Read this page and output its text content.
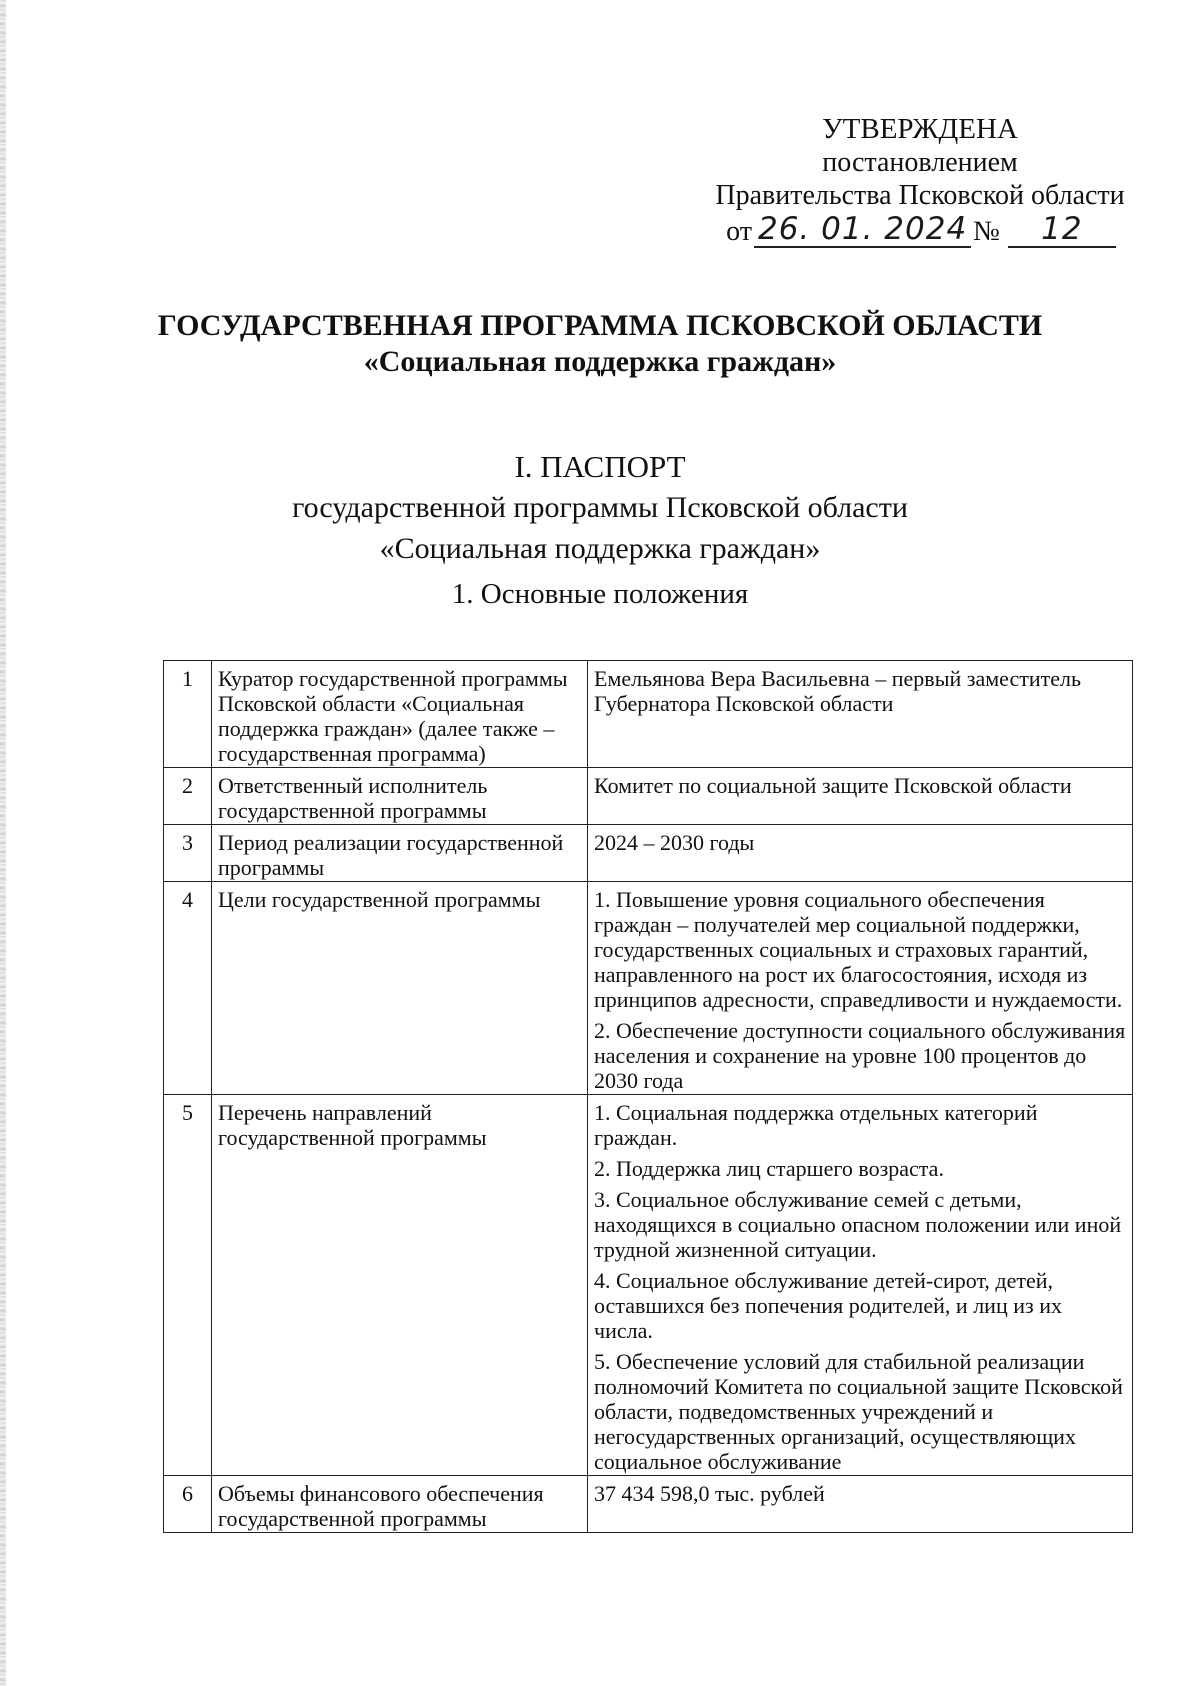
УТВЕРЖДЕНА
постановлением
Правительства Псковской области
от 26. 01. 2024 №	12
ГОСУДАРСТВЕННАЯ ПРОГРАММА ПСКОВСКОЙ ОБЛАСТИ
«Социальная поддержка граждан»
I. ПАСПОРТ
государственной программы Псковской области
«Социальная поддержка граждан»
1. Основные положения
1	Куратор государственной программы Псковской области «Социальная поддержка граждан» (далее также – государственная программа)	Емельянова Вера Васильевна – первый заместитель Губернатора Псковской области

2	Ответственный исполнитель государственной программы	Комитет по социальной защите Псковской области

3	Период реализации государственной программы	2024 – 2030 годы

4	Цели государственной программы	1. Повышение уровня социального обеспечения граждан – получателей мер социальной поддержки, государственных социальных и страховых гарантий, направленного на рост их благосостояния, исходя из принципов адресности, справедливости и нуждаемости.

2. Обеспечение доступности социального обслуживания населения и сохранение на уровне 100 процентов до 2030 года

5	Перечень направлений государственной программы	1. Социальная поддержка отдельных категорий граждан.

2. Поддержка лиц старшего возраста.

3. Социальное обслуживание семей с детьми, находящихся в социально опасном положении или иной трудной жизненной ситуации.

4. Социальное обслуживание детей-сирот, детей, оставшихся без попечения родителей, и лиц из их числа.

5. Обеспечение условий для стабильной реализации полномочий Комитета по социальной защите Псковской области, подведомственных учреждений и негосударственных организаций, осуществляющих социальное обслуживание

6	Объемы финансового обеспечения государственной программы	37 434 598,0 тыс. рублей
